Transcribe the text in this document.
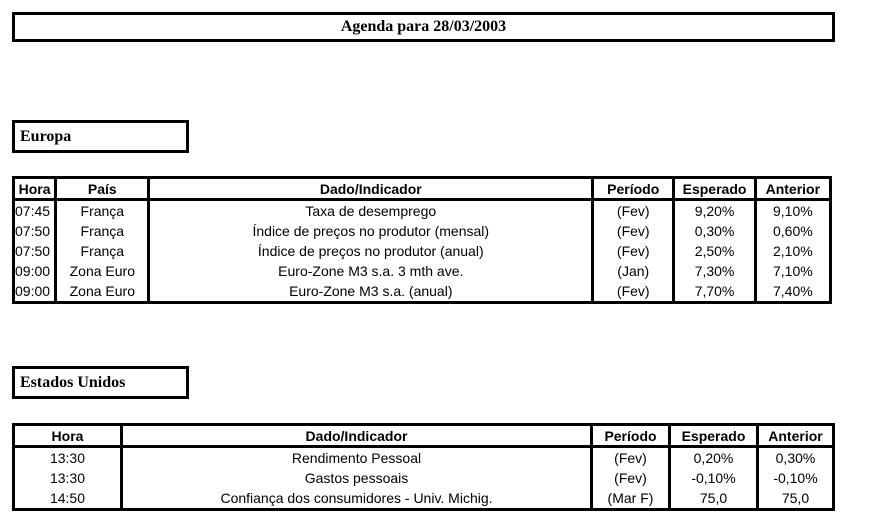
Agenda para 28/03/2003
Europa
Hora	País	Dado/Indicador	Período	Esperado	Anterior
07:45	França	Taxa de desemprego	(Fev)	9,20%	9,10%
07:50	França	Índice de preços no produtor (mensal)	(Fev)	0,30%	0,60%
07:50	França	Índice de preços no produtor (anual)	(Fev)	2,50%	2,10%
09:00	Zona Euro	Euro-Zone M3 s.a. 3 mth ave.	(Jan)	7,30%	7,10%
09:00	Zona Euro	Euro-Zone M3 s.a. (anual)	(Fev)	7,70%	7,40%
Estados Unidos
Hora	Dado/Indicador	Período	Esperado	Anterior
13:30	Rendimento Pessoal	(Fev)	0,20%	0,30%
13:30	Gastos pessoais	(Fev)	-0,10%	-0,10%
14:50	Confiança dos consumidores - Univ. Michig.	(Mar F)	75,0	75,0
